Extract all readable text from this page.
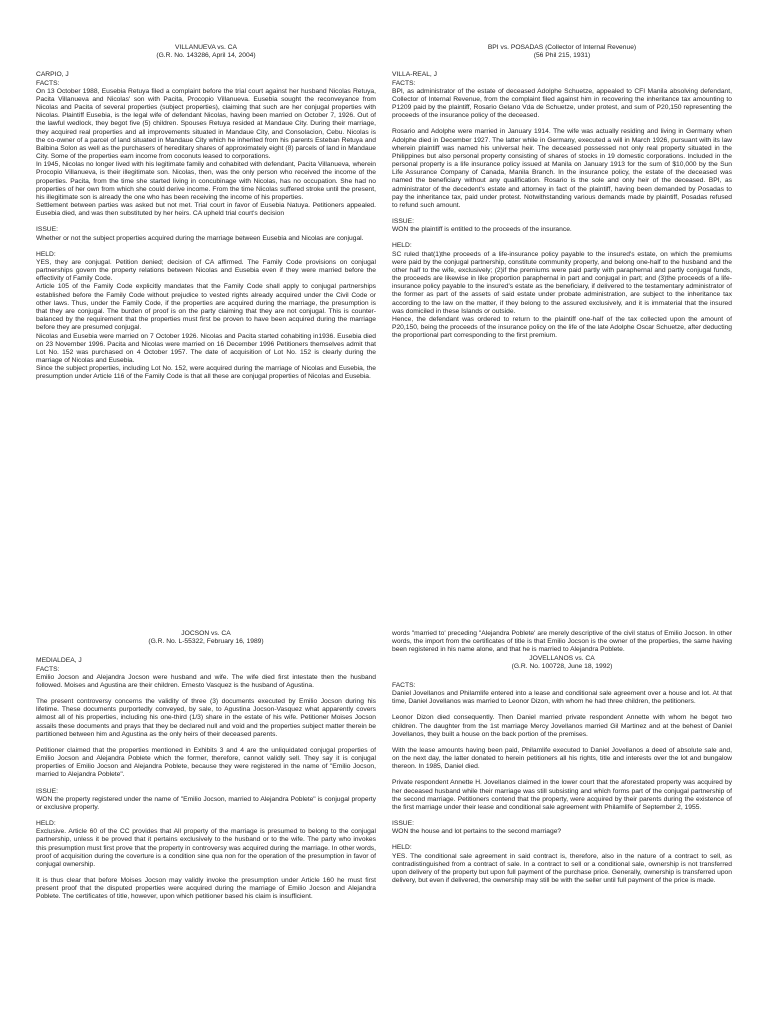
VILLANUEVA vs. CA

(G.R. No. 143286, April 14, 2004)

CARPIO, J

FACTS:

On 13 October 1988, Eusebia Retuya filed a complaint before the trial court against her husband Nicolas Retuya, Pacita Villanueva and Nicolas' son with Pacita, Procopio Villanueva. Eusebia sought the reconveyance from Nicolas and Pacita of several properties (subject properties), claiming that such are her conjugal properties with Nicolas. Plaintiff Eusebia, is the legal wife of defendant Nicolas, having been married on October 7, 1926. Out of the lawful wedlock, they begot five (5) children. Spouses Retuya resided at Mandaue City. During their marriage, they acquired real properties and all improvements situated in Mandaue City, and Consolacion, Cebu. Nicolas is the co-owner of a parcel of land situated in Mandaue City which he inherited from his parents Esteban Retuya and Balbina Solon as well as the purchasers of hereditary shares of approximately eight (8) parcels of land in Mandaue City. Some of the properties earn income from coconuts leased to corporations.

In 1945, Nicolas no longer lived with his legitimate family and cohabited with defendant, Pacita Villanueva, wherein Procopio Villanueva, is their illegitimate son. Nicolas, then, was the only person who received the income of the properties. Pacita, from the time she started living in concubinage with Nicolas, has no occupation. She had no properties of her own from which she could derive income. From the time Nicolas suffered stroke until the present, his illegitimate son is already the one who has been receiving the income of his properties.

Settlement between parties was asked but not met. Trial court in favor of Eusebia Natuya. Petitioners appealed. Eusebia died, and was then substituted by her heirs. CA upheld trial court's decision

ISSUE:

Whether or not the subject properties acquired during the marriage between Eusebia and Nicolas are conjugal.

HELD:

YES, they are conjugal. Petition denied; decision of CA affirmed. The Family Code provisions on conjugal partnerships govern the property relations between Nicolas and Eusebia even if they were married before the effectivity of Family Code.

Article 105 of the Family Code explicitly mandates that the Family Code shall apply to conjugal partnerships established before the Family Code without prejudice to vested rights already acquired under the Civil Code or other laws. Thus, under the Family Code, if the properties are acquired during the marriage, the presumption is that they are conjugal. The burden of proof is on the party claiming that they are not conjugal. This is counter-balanced by the requirement that the properties must first be proven to have been acquired during the marriage before they are presumed conjugal.

Nicolas and Eusebia were married on 7 October 1926. Nicolas and Pacita started cohabiting in1936. Eusebia died on 23 November 1996. Pacita and Nicolas were married on 16 December 1996 Petitioners themselves admit that Lot No. 152 was purchased on 4 October 1957. The date of acquisition of Lot No. 152 is clearly during the marriage of Nicolas and Eusebia.

Since the subject properties, including Lot No. 152, were acquired during the marriage of Nicolas and Eusebia, the presumption under Article 116 of the Family Code is that all these are conjugal properties of Nicolas and Eusebia.

BPI vs. POSADAS (Collector of Internal Revenue)

(56 Phil 215, 1931)

VILLA-REAL, J

FACTS:

BPI, as administrator of the estate of deceased Adolphe Schuetze, appealed to CFI Manila absolving defendant, Collector of Internal Revenue, from the complaint filed against him in recovering the inheritance tax amounting to P1209 paid by the plaintiff, Rosario Gelano Vda de Schuetze, under protest, and sum of P20,150 representing the proceeds of the insurance policy of the deceased.

Rosario and Adolphe were married in January 1914. The wife was actually residing and living in Germany when Adolphe died in December 1927. The latter while in Germany, executed a will in March 1926, pursuant with its law wherein plaintiff was named his universal heir. The deceased possessed not only real property situated in the Philippines but also personal property consisting of shares of stocks in 19 domestic corporations. Included in the personal property is a life insurance policy issued at Manila on January 1913 for the sum of $10,000 by the Sun Life Assurance Company of Canada, Manila Branch. In the insurance policy, the estate of the deceased was named the beneficiary without any qualification. Rosario is the sole and only heir of the deceased. BPI, as administrator of the decedent's estate and attorney in fact of the plaintiff, having been demanded by Posadas to pay the inheritance tax, paid under protest. Notwithstanding various demands made by plaintiff, Posadas refused to refund such amount.

ISSUE:

WON the plaintiff is entitled to the proceeds of the insurance.

HELD:

SC ruled that(1)the proceeds of a life-insurance policy payable to the insured's estate, on which the premiums were paid by the conjugal partnership, constitute community property, and belong one-half to the husband and the other half to the wife, exclusively; (2)if the premiums were paid partly with paraphernal and partly conjugal funds, the proceeds are likewise in like proportion paraphernal in part and conjugal in part; and (3)the proceeds of a life-insurance policy payable to the insured's estate as the beneficiary, if delivered to the testamentary administrator of the former as part of the assets of said estate under probate administration, are subject to the inheritance tax according to the law on the matter, if they belong to the assured exclusively, and it is immaterial that the insured was domiciled in these Islands or outside.

Hence, the defendant was ordered to return to the plaintiff one-half of the tax collected upon the amount of P20,150, being the proceeds of the insurance policy on the life of the late Adolphe Oscar Schuetze, after deducting the proportional part corresponding to the first premium.

JOCSON vs. CA

(G.R. No. L-55322, February 16, 1989)

MEDIALDEA, J

FACTS:

Emilio Jocson and Alejandra Jocson were husband and wife. The wife died first intestate then the husband followed. Moises and Agustina are their children. Ernesto Vasquez is the husband of Agustina.

The present controversy concerns the validity of three (3) documents executed by Emilio Jocson during his lifetime. These documents purportedly conveyed, by sale, to Agustina Jocson-Vasquez what apparently covers almost all of his properties, including his one-third (1/3) share in the estate of his wife. Petitioner Moises Jocson assails these documents and prays that they be declared null and void and the properties subject matter therein be partitioned between him and Agustina as the only heirs of their deceased parents.

Petitioner claimed that the properties mentioned in Exhibits 3 and 4 are the unliquidated conjugal properties of Emilio Jocson and Alejandra Poblete which the former, therefore, cannot validly sell. They say it is conjugal properties of Emilio Jocson and Alejandra Poblete, because they were registered in the name of "Emilio Jocson, married to Alejandra Poblete".

ISSUE:

WON the property registered under the name of "Emilio Jocson, married to Alejandra Poblete" is conjugal property or exclusive property.

HELD:

Exclusive. Article 60 of the CC provides that All property of the marriage is presumed to belong to the conjugal partnership, unless it be proved that it pertains exclusively to the husband or to the wife. The party who invokes this presumption must first prove that the property in controversy was acquired during the marriage. In other words, proof of acquisition during the coverture is a condition sine qua non for the operation of the presumption in favor of conjugal ownership.

It is thus clear that before Moises Jocson may validly invoke the presumption under Article 160 he must first present proof that the disputed properties were acquired during the marriage of Emilio Jocson and Alejandra Poblete. The certificates of title, however, upon which petitioner based his claim is insufficient.

words "married to' preceding "Alejandra Poblete' are merely descriptive of the civil status of Emilio Jocson. In other words, the import from the certificates of title is that Emilio Jocson is the owner of the properties, the same having been registered in his name alone, and that he is married to Alejandra Poblete.

JOVELLANOS vs. CA

(G.R. No. 100728, June 18, 1992)

FACTS:

Daniel Jovellanos and Philamlife entered into a lease and conditional sale agreement over a house and lot. At that time, Daniel Jovellanos was married to Leonor Dizon, with whom he had three children, the petitioners.

Leonor Dizon died consequently. Then Daniel married private respondent Annette with whom he begot two children. The daughter from the 1st marriage Mercy Jovellanos married Gil Martinez and at the behest of Daniel Jovellanos, they built a house on the back portion of the premises.

With the lease amounts having been paid, Philamlife executed to Daniel Jovellanos a deed of absolute sale and, on the next day, the latter donated to herein petitioners all his rights, title and interests over the lot and bungalow thereon. In 1985, Daniel died.

Private respondent Annette H. Jovellanos claimed in the lower court that the aforestated property was acquired by her deceased husband while their marriage was still subsisting and which forms part of the conjugal partnership of the second marriage. Petitioners contend that the property, were acquired by their parents during the existence of the first marriage under their lease and conditional sale agreement with Philamlife of September 2, 1955.

ISSUE:

WON the house and lot pertains to the second marriage?

HELD:

YES. The conditional sale agreement in said contract is, therefore, also in the nature of a contract to sell, as contradistinguished from a contract of sale. In a contract to sell or a conditional sale, ownership is not transferred upon delivery of the property but upon full payment of the purchase price. Generally, ownership is transferred upon delivery, but even if delivered, the ownership may still be with the seller until full payment of the price is made.
